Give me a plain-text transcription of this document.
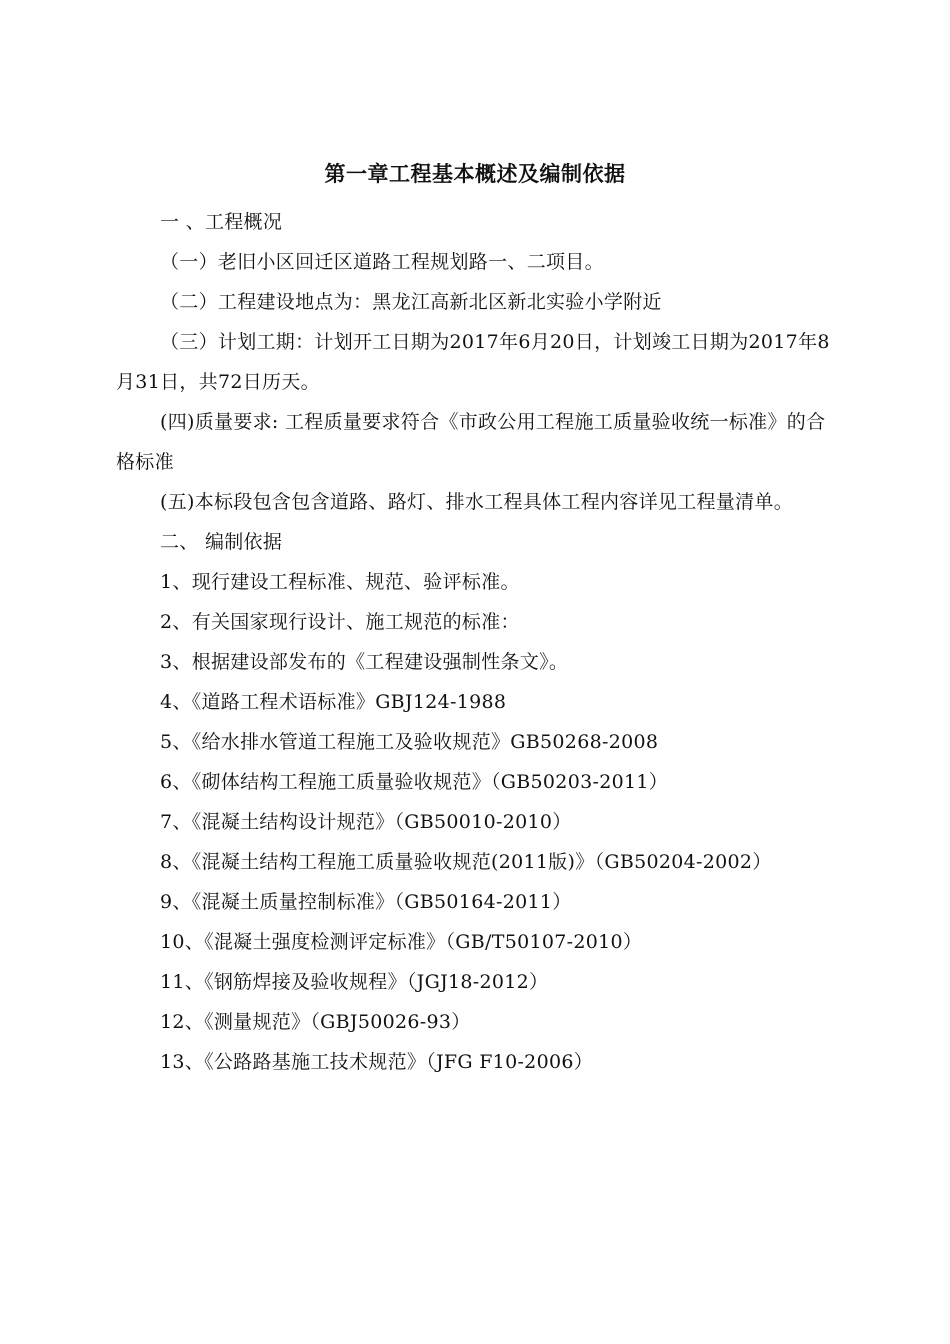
第一章工程基本概述及编制依据

一 、工程概况

（一）老旧小区回迁区道路工程规划路一、二项目。

（二）工程建设地点为：黑龙江高新北区新北实验小学附近

（三）计划工期：计划开工日期为2017年6月20日，计划竣工日期为2017年8月31日，共72日历天。

(四)质量要求: 工程质量要求符合《市政公用工程施工质量验收统一标准》的合格标准

(五)本标段包含包含道路、路灯、排水工程具体工程内容详见工程量清单。

二、 编制依据

1、现行建设工程标准、规范、验评标准。

2、有关国家现行设计、施工规范的标准：

3、根据建设部发布的《工程建设强制性条文》。

4、《道路工程术语标准》GBJ124-1988

5、《给水排水管道工程施工及验收规范》GB50268-2008

6、《砌体结构工程施工质量验收规范》（GB50203-2011）

7、《混凝土结构设计规范》（GB50010-2010）

8、《混凝土结构工程施工质量验收规范(2011版)》（GB50204-2002）

9、《混凝土质量控制标准》（GB50164-2011）

10、《混凝土强度检测评定标准》（GB/T50107-2010）

11、《钢筋焊接及验收规程》（JGJ18-2012）

12、《测量规范》（GBJ50026-93）

13、《公路路基施工技术规范》（JFG F10-2006）
